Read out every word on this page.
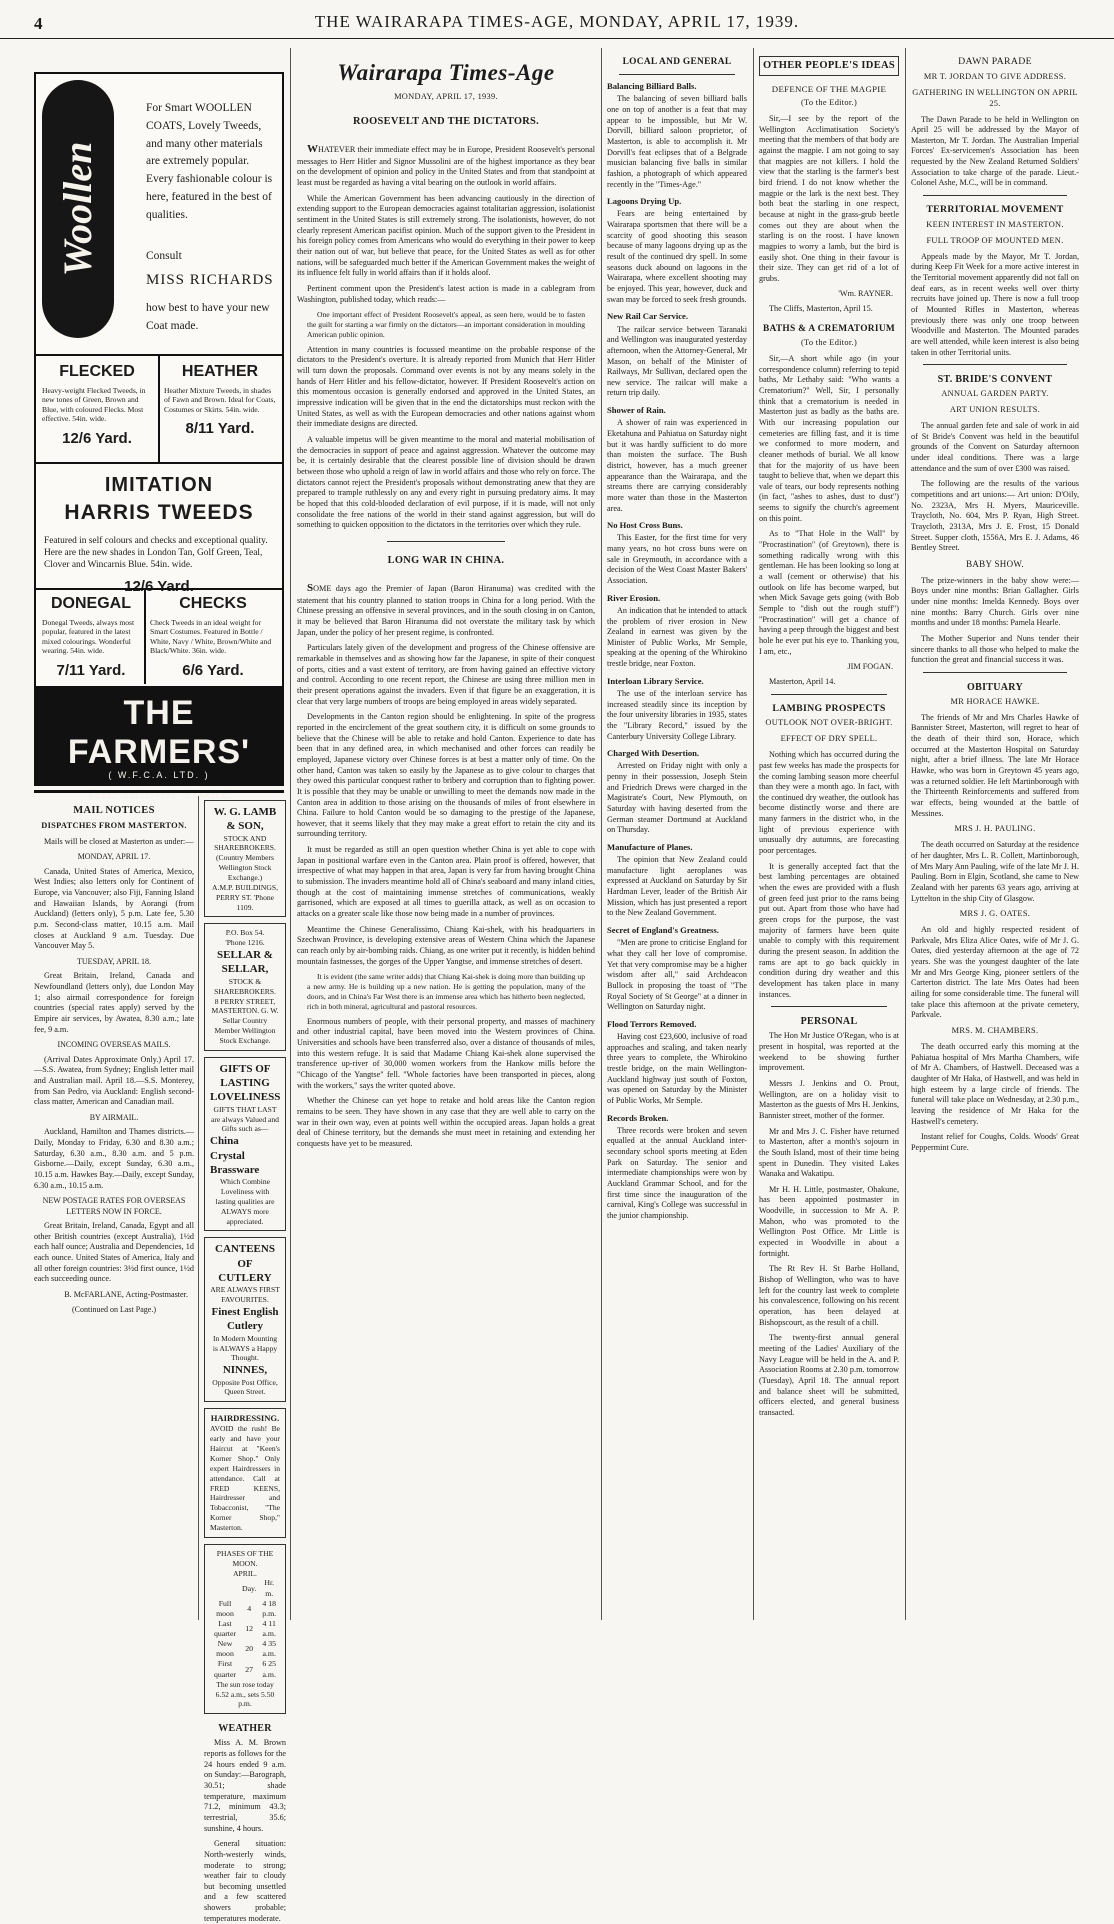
4	THE WAIRARAPA TIMES-AGE, MONDAY, APRIL 17, 1939.
Woollen
For Smart WOOLLEN COATS, Lovely Tweeds, and many other materials are extremely popular. Every fashionable colour is here, featured in the best of qualities.
Consult
MISS RICHARDS
how best to have your new Coat made.
FLECKED
Heavy-weight Flecked Tweeds, in new tones of Green, Brown and Blue, with coloured Flecks. Most effective. 54in. wide.
12/6 Yard.
HEATHER
Heather Mixture Tweeds, in shades of Fawn and Brown. Ideal for Coats, Costumes or Skirts. 54in. wide.
8/11 Yard.
IMITATION
HARRIS TWEEDS
Featured in self colours and checks and exceptional quality. Here are the new shades in London Tan, Golf Green, Teal, Clover and Wincarnis Blue. 54in. wide.
12/6 Yard.
DONEGAL
Donegal Tweeds, always most popular, featured in the latest mixed colourings. Wonderful wearing. 54in. wide.
7/11 Yard.
CHECKS
Check Tweeds in an ideal weight for Smart Costumes. Featured in Bottle / White, Navy / White, Brown/White and Black/White. 36in. wide.
6/6 Yard.
THE FARMERS'
( W.F.C.A. LTD. )
" THE SENIOR STORE "
MAIL NOTICES
DISPATCHES FROM MASTERTON.

Mails will be closed at Masterton as under:—

MONDAY, APRIL 17.

Canada, United States of America, Mexico, West Indies; also letters only for Continent of Europe, via Vancouver; also Fiji, Fanning Island and Hawaiian Islands, by Aorangi (from Auckland) (letters only), 5 p.m. Late fee, 5.30 p.m. Second-class matter, 10.15 a.m. Mail closes at Auckland 9 a.m. Tuesday. Due Vancouver May 5.

TUESDAY, APRIL 18.

Great Britain, Ireland, Canada and Newfoundland (letters only), due London May 1; also airmail correspondence for foreign countries (special rates apply) served by the Empire air services, by Awatea, 8.30 a.m.; late fee, 9 a.m.

INCOMING OVERSEAS MAILS.

(Arrival Dates Approximate Only.) April 17.—S.S. Awatea, from Sydney; English letter mail and Australian mail. April 18.—S.S. Monterey, from San Pedro, via Auckland: English second-class matter, American and Canadian mail.

BY AIRMAIL.

Auckland, Hamilton and Thames districts.—Daily, Monday to Friday, 6.30 and 8.30 a.m.; Saturday, 6.30 a.m., 8.30 a.m. and 5 p.m. Gisborne.—Daily, except Sunday, 6.30 a.m., 10.15 a.m. Hawkes Bay.—Daily, except Sunday, 6.30 a.m., 10.15 a.m.

NEW POSTAGE RATES FOR OVERSEAS LETTERS NOW IN FORCE.

Great Britain, Ireland, Canada, Egypt and all other British countries (except Australia), 1½d each half ounce; Australia and Dependencies, 1d each ounce. United States of America, Italy and all other foreign countries: 3½d first ounce, 1½d each succeeding ounce.

B. McFARLANE, Acting-Postmaster.
(Continued on Last Page.)
W. G. LAMB & SON,
STOCK AND SHAREBROKERS.
(Country Members Wellington Stock Exchange.)
A.M.P. BUILDINGS, PERRY ST. 'Phone 1109.
P.O. Box 54.
'Phone 1216.
SELLAR & SELLAR,
STOCK & SHAREBROKERS.
8 PERRY STREET, MASTERTON. G. W. Sellar Country Member Wellington Stock Exchange.
GIFTS OF LASTING LOVELINESS
GIFTS THAT LAST are always Valued and Gifts such as—
China
Crystal
Brassware
Which Combine Loveliness with lasting qualities are ALWAYS more appreciated.
CANTEENS OF CUTLERY
ARE ALWAYS FIRST FAVOURITES.
Finest English Cutlery
In Modern Mounting is ALWAYS a Happy Thought.
NINNES,
Opposite Post Office, Queen Street.
HAIRDRESSING.
AVOID the rush! Be early and have your Haircut at "Keen's Korner Shop." Only expert Hairdressers in attendance. Call at FRED KEENS, Hairdresser and Tobacconist, "The Korner Shop," Masterton.
PHASES OF THE MOON.
APRIL.
	Day.	Hr. m.
Full moon	4	4 18 p.m.
Last quarter	12	4 11 a.m.
New moon	20	4 35 a.m.
First quarter	27	6 25 a.m.
The sun rose today 6.52 a.m., sets 5.50 p.m.
WEATHER

Miss A. M. Brown reports as follows for the 24 hours ended 9 a.m. on Sunday:—Barograph, 30.51; shade temperature, maximum 71.2, minimum 43.3; terrestrial, 35.6; sunshine, 4 hours.

General situation: North-westerly winds, moderate to strong; weather fair to cloudy but becoming unsettled and a few scattered showers probable; temperatures moderate.

Wairarapa Times-Age
MONDAY, APRIL 17, 1939.
ROOSEVELT AND THE DICTATORS.

WHATEVER their immediate effect may be in Europe, President Roosevelt's personal messages to Herr Hitler and Signor Mussolini are of the highest importance as they bear on the development of opinion and policy in the United States and from that standpoint at least must be regarded as having a vital bearing on the outlook in world affairs.

While the American Government has been advancing cautiously in the direction of extending support to the European democracies against totalitarian aggression, isolationist sentiment in the United States is still extremely strong. The isolationists, however, do not clearly represent American pacifist opinion. Much of the support given to the President in his foreign policy comes from Americans who would do everything in their power to keep their nation out of war, but believe that peace, for the United States as well as for other nations, will be safeguarded much better if the American Government makes the weight of its influence felt fully in world affairs than if it holds aloof.

Pertinent comment upon the President's latest action is made in a cablegram from Washington, published today, which reads:—

One important effect of President Roosevelt's appeal, as seen here, would be to fasten the guilt for starting a war firmly on the dictators—an important consideration in moulding American public opinion.

Attention in many countries is focussed meantime on the probable response of the dictators to the President's overture. It is already reported from Munich that Herr Hitler will turn down the proposals. Command over events is not by any means solely in the hands of Herr Hitler and his fellow-dictator, however. If President Roosevelt's action on this momentous occasion is generally endorsed and approved in the United States, an impressive indication will be given that in the end the dictatorships must reckon with the United States, as well as with the European democracies and other nations against whom their immediate designs are directed.

A valuable impetus will be given meantime to the moral and material mobilisation of the democracies in support of peace and against aggression. Whatever the outcome may be, it is certainly desirable that the clearest possible line of division should be drawn between those who uphold a reign of law in world affairs and those who rely on force. The dictators cannot reject the President's proposals without demonstrating anew that they are prepared to trample ruthlessly on any and every right in pursuing predatory aims. It may be hoped that this cold-blooded declaration of evil purpose, if it is made, will not only consolidate the free nations of the world in their stand against aggression, but will do something to quicken opposition to the dictators in the territories over which they rule.

LONG WAR IN CHINA.

SOME days ago the Premier of Japan (Baron Hiranuma) was credited with the statement that his country planned to station troops in China for a long period. With the Chinese pressing an offensive in several provinces, and in the south closing in on Canton, it may be believed that Baron Hiranuma did not overstate the military task by which Japan, under the policy of her present regime, is confronted.

Particulars lately given of the development and progress of the Chinese offensive are remarkable in themselves and as showing how far the Japanese, in spite of their conquest of ports, cities and a vast extent of territory, are from having gained an effective victory and control. According to one recent report, the Chinese are using three million men in their present operations against the invaders. Even if that figure be an exaggeration, it is clear that very large numbers of troops are being employed in areas widely separated.

Developments in the Canton region should be enlightening. In spite of the progress reported in the encirclement of the great southern city, it is difficult on some grounds to believe that the Chinese will be able to retake and hold Canton. Experience to date has been that in any defined area, in which mechanised and other forces can readily be employed, Japanese victory over Chinese forces is at best a matter only of time. On the other hand, Canton was taken so easily by the Japanese as to give colour to charges that they owed this particular conquest rather to bribery and corruption than to fighting power. It is possible that they may be unable or unwilling to meet the demands now made in the Canton area in addition to those arising on the thousands of miles of front elsewhere in China. Failure to hold Canton would be so damaging to the prestige of the Japanese, however, that it seems likely that they may make a great effort to retain the city and its surrounding territory.

It must be regarded as still an open question whether China is yet able to cope with Japan in positional warfare even in the Canton area. Plain proof is offered, however, that irrespective of what may happen in that area, Japan is very far from having brought China to submission. The invaders meantime hold all of China's seaboard and many inland cities, though at the cost of maintaining immense stretches of communications, weakly garrisoned, which are exposed at all times to guerilla attack, as well as on occasion to attacks on a greater scale like those now being made in a number of provinces.

Meantime the Chinese Generalissimo, Chiang Kai-shek, with his headquarters in Szechwan Province, is developing extensive areas of Western China which the Japanese can reach only by air-bombing raids. Chiang, as one writer put it recently, is hidden behind mountain fastnesses, the gorges of the Upper Yangtse, and immense stretches of desert.

It is evident (the same writer adds) that Chiang Kai-shek is doing more than building up a new army. He is building up a new nation. He is getting the population, many of the doors, and in China's Far West there is an immense area which has hitherto been neglected, rich in both mineral, agricultural and pastoral resources.

Enormous numbers of people, with their personal property, and masses of machinery and other industrial capital, have been moved into the Western provinces of China. Universities and schools have been transferred also, over a distance of thousands of miles, into this western refuge. It is said that Madame Chiang Kai-shek alone supervised the transference up-river of 30,000 women workers from the Hankow mills before the "Chicago of the Yangtse" fell. "Whole factories have been transported in pieces, along with the workers," says the writer quoted above.

Whether the Chinese can yet hope to retake and hold areas like the Canton region remains to be seen. They have shown in any case that they are well able to carry on the war in their own way, even at points well within the occupied areas. Japan holds a great deal of Chinese territory, but the demands she must meet in retaining and extending her conquests have yet to be measured.

LOCAL AND GENERAL
Balancing Billiard Balls.

The balancing of seven billiard balls one on top of another is a feat that may appear to be impossible, but Mr W. Dorvill, billiard saloon proprietor, of Masterton, is able to accomplish it. Mr Dorvill's feat eclipses that of a Belgrade musician balancing five balls in similar fashion, a photograph of which appeared recently in the "Times-Age."

Lagoons Drying Up.

Fears are being entertained by Wairarapa sportsmen that there will be a scarcity of good shooting this season because of many lagoons drying up as the result of the continued dry spell. In some seasons duck abound on lagoons in the Wairarapa, where excellent shooting may be enjoyed. This year, however, duck and swan may be forced to seek fresh grounds.

New Rail Car Service.

The railcar service between Taranaki and Wellington was inaugurated yesterday afternoon, when the Attorney-General, Mr Mason, on behalf of the Minister of Railways, Mr Sullivan, declared open the new service. The railcar will make a return trip daily.

Shower of Rain.

A shower of rain was experienced in Eketahuna and Pahiatua on Saturday night but it was hardly sufficient to do more than moisten the surface. The Bush district, however, has a much greener appearance than the Wairarapa, and the streams there are carrying considerably more water than those in the Masterton area.

No Host Cross Buns.

This Easter, for the first time for very many years, no hot cross buns were on sale in Greymouth, in accordance with a decision of the West Coast Master Bakers' Association.

River Erosion.

An indication that he intended to attack the problem of river erosion in New Zealand in earnest was given by the Minister of Public Works, Mr Semple, speaking at the opening of the Whirokino trestle bridge, near Foxton.

Interloan Library Service.

The use of the interloan service has increased steadily since its inception by the four university libraries in 1935, states the "Library Record," issued by the Canterbury University College Library.

Charged With Desertion.

Arrested on Friday night with only a penny in their possession, Joseph Stein and Friedrich Drews were charged in the Magistrate's Court, New Plymouth, on Saturday with having deserted from the German steamer Dortmund at Auckland on Thursday.

Manufacture of Planes.

The opinion that New Zealand could manufacture light aeroplanes was expressed at Auckland on Saturday by Sir Hardman Lever, leader of the British Air Mission, which has just presented a report to the New Zealand Government.

Secret of England's Greatness.

"Men are prone to criticise England for what they call her love of compromise. Yet that very compromise may be a higher wisdom after all," said Archdeacon Bullock in proposing the toast of "The Royal Society of St George" at a dinner in Wellington on Saturday night.

Flood Terrors Removed.

Having cost £23,600, inclusive of road approaches and scaling, and taken nearly three years to complete, the Whirokino trestle bridge, on the main Wellington-Auckland highway just south of Foxton, was opened on Saturday by the Minister of Public Works, Mr Semple.

Records Broken.

Three records were broken and seven equalled at the annual Auckland inter-secondary school sports meeting at Eden Park on Saturday. The senior and intermediate championships were won by Auckland Grammar School, and for the first time since the inauguration of the carnival, King's College was successful in the junior championship.

OTHER PEOPLE'S IDEAS
DEFENCE OF THE MAGPIE
(To the Editor.)

Sir,—I see by the report of the Wellington Acclimatisation Society's meeting that the members of that body are against the magpie. I am not going to say that magpies are not killers. I hold the view that the starling is the farmer's best bird friend. I do not know whether the magpie or the lark is the next best. They both beat the starling in one respect, because at night in the grass-grub beetle comes out they are about when the starling is on the roost. I have known magpies to worry a lamb, but the bird is easily shot. One thing in their favour is their size. They can get rid of a lot of grubs.

'Wm. RAYNER.

The Cliffs, Masterton, April 15.

BATHS & A CREMATORIUM
(To the Editor.)

Sir,—A short while ago (in your correspondence column) referring to tepid baths, Mr Lethaby said: "Who wants a Crematorium?" Well, Sir, I personally think that a crematorium is needed in Masterton just as badly as the baths are. With our increasing population our cemeteries are filling fast, and it is time we conformed to more modern, and cleaner methods of burial. We all know that for the majority of us have been taught to believe that, when we depart this vale of tears, our body represents nothing (in fact, "ashes to ashes, dust to dust") seems to signify the church's agreement on this point.

As to "That Hole in the Wall" by "Procrastination" (of Greytown), there is something radically wrong with this gentleman. He has been looking so long at a wall (cement or otherwise) that his outlook on life has become warped, but when Mick Savage gets going (with Bob Semple to "dish out the rough stuff") "Procrastination" will get a chance of having a peep through the biggest and best hole he ever put his eye to. Thanking you, I am, etc.,

JIM FOGAN.

Masterton, April 14.

LAMBING PROSPECTS
OUTLOOK NOT OVER-BRIGHT.
EFFECT OF DRY SPELL.

Nothing which has occurred during the past few weeks has made the prospects for the coming lambing season more cheerful than they were a month ago. In fact, with the continued dry weather, the outlook has become distinctly worse and there are many farmers in the district who, in the light of previous experience with unusually dry autumns, are forecasting poor percentages.

It is generally accepted fact that the best lambing percentages are obtained when the ewes are provided with a flush of green feed just prior to the rams being put out. Apart from those who have had green crops for the purpose, the vast majority of farmers have been quite unable to comply with this requirement during the present season. In addition the rams are apt to go back quickly in condition during dry weather and this development has taken place in many instances.

PERSONAL

The Hon Mr Justice O'Regan, who is at present in hospital, was reported at the weekend to be showing further improvement.

Messrs J. Jenkins and O. Prout, Wellington, are on a holiday visit to Masterton as the guests of Mrs H. Jenkins, Bannister street, mother of the former.

Mr and Mrs J. C. Fisher have returned to Masterton, after a month's sojourn in the South Island, most of their time being spent in Dunedin. They visited Lakes Wanaka and Wakatipu.

Mr H. H. Little, postmaster, Ohakune, has been appointed postmaster in Woodville, in succession to Mr A. P. Mahon, who was promoted to the Wellington Post Office. Mr Little is expected in Woodville in about a fortnight.

The Rt Rev H. St Barbe Holland, Bishop of Wellington, who was to have left for the country last week to complete his convalescence, following on his recent operation, has been delayed at Bishopscourt, as the result of a chill.

The twenty-first annual general meeting of the Ladies' Auxiliary of the Navy League will be held in the A. and P. Association Rooms at 2.30 p.m. tomorrow (Tuesday), April 18. The annual report and balance sheet will be submitted, officers elected, and general business transacted.

DAWN PARADE
MR T. JORDAN TO GIVE ADDRESS.
GATHERING IN WELLINGTON ON APRIL 25.

The Dawn Parade to be held in Wellington on April 25 will be addressed by the Mayor of Masterton, Mr T. Jordan. The Australian Imperial Forces' Ex-servicemen's Association has been requested by the New Zealand Returned Soldiers' Association to take charge of the parade. Lieut.-Colonel Ashe, M.C., will be in command.

TERRITORIAL MOVEMENT
KEEN INTEREST IN MASTERTON.
FULL TROOP OF MOUNTED MEN.

Appeals made by the Mayor, Mr T. Jordan, during Keep Fit Week for a more active interest in the Territorial movement apparently did not fall on deaf ears, as in recent weeks well over thirty recruits have joined up. There is now a full troop of Mounted Rifles in Masterton, whereas previously there was only one troop between Woodville and Masterton. The Mounted parades are well attended, while keen interest is also being taken in other Territorial units.

ST. BRIDE'S CONVENT
ANNUAL GARDEN PARTY.
ART UNION RESULTS.

The annual garden fete and sale of work in aid of St Bride's Convent was held in the beautiful grounds of the Convent on Saturday afternoon under ideal conditions. There was a large attendance and the sum of over £300 was raised.

The following are the results of the various competitions and art unions:— Art union: D'Oily, No. 2323A, Mrs H. Myers, Mauriceville. Traycloth, No. 604, Mrs P. Ryan, High Street. Traycloth, 2313A, Mrs J. E. Frost, 15 Donald Street. Supper cloth, 1556A, Mrs E. J. Adams, 46 Bentley Street.

BABY SHOW.

The prize-winners in the baby show were:— Boys under nine months: Brian Gallagher. Girls under nine months: Imelda Kennedy. Boys over nine months: Barry Church. Girls over nine months and under 18 months: Pamela Hearle.

The Mother Superior and Nuns tender their sincere thanks to all those who helped to make the function the great and financial success it was.

OBITUARY
MR HORACE HAWKE.

The friends of Mr and Mrs Charles Hawke of Bannister Street, Masterton, will regret to hear of the death of their third son, Horace, which occurred at the Masterton Hospital on Saturday night, after a brief illness. The late Mr Horace Hawke, who was born in Greytown 45 years ago, was a returned soldier. He left Martinborough with the Thirteenth Reinforcements and suffered from war effects, being wounded at the battle of Messines.

MRS J. H. PAULING.

The death occurred on Saturday at the residence of her daughter, Mrs L. R. Collett, Martinborough, of Mrs Mary Ann Pauling, wife of the late Mr J. H. Pauling. Born in Elgin, Scotland, she came to New Zealand with her parents 63 years ago, arriving at Lyttelton in the ship City of Glasgow.

MRS J. G. OATES.

An old and highly respected resident of Parkvale, Mrs Eliza Alice Oates, wife of Mr J. G. Oates, died yesterday afternoon at the age of 72 years. She was the youngest daughter of the late Mr and Mrs George King, pioneer settlers of the Carterton district. The late Mrs Oates had been ailing for some considerable time. The funeral will take place this afternoon at the private cemetery, Parkvale.

MRS. M. CHAMBERS.

The death occurred early this morning at the Pahiatua hospital of Mrs Martha Chambers, wife of Mr A. Chambers, of Hastwell. Deceased was a daughter of Mr Haka, of Hastwell, and was held in high esteem by a large circle of friends. The funeral will take place on Wednesday, at 2.30 p.m., leaving the residence of Mr Haka for the Hastwell's cemetery.

Instant relief for Coughs, Colds. Woods' Great Peppermint Cure.
